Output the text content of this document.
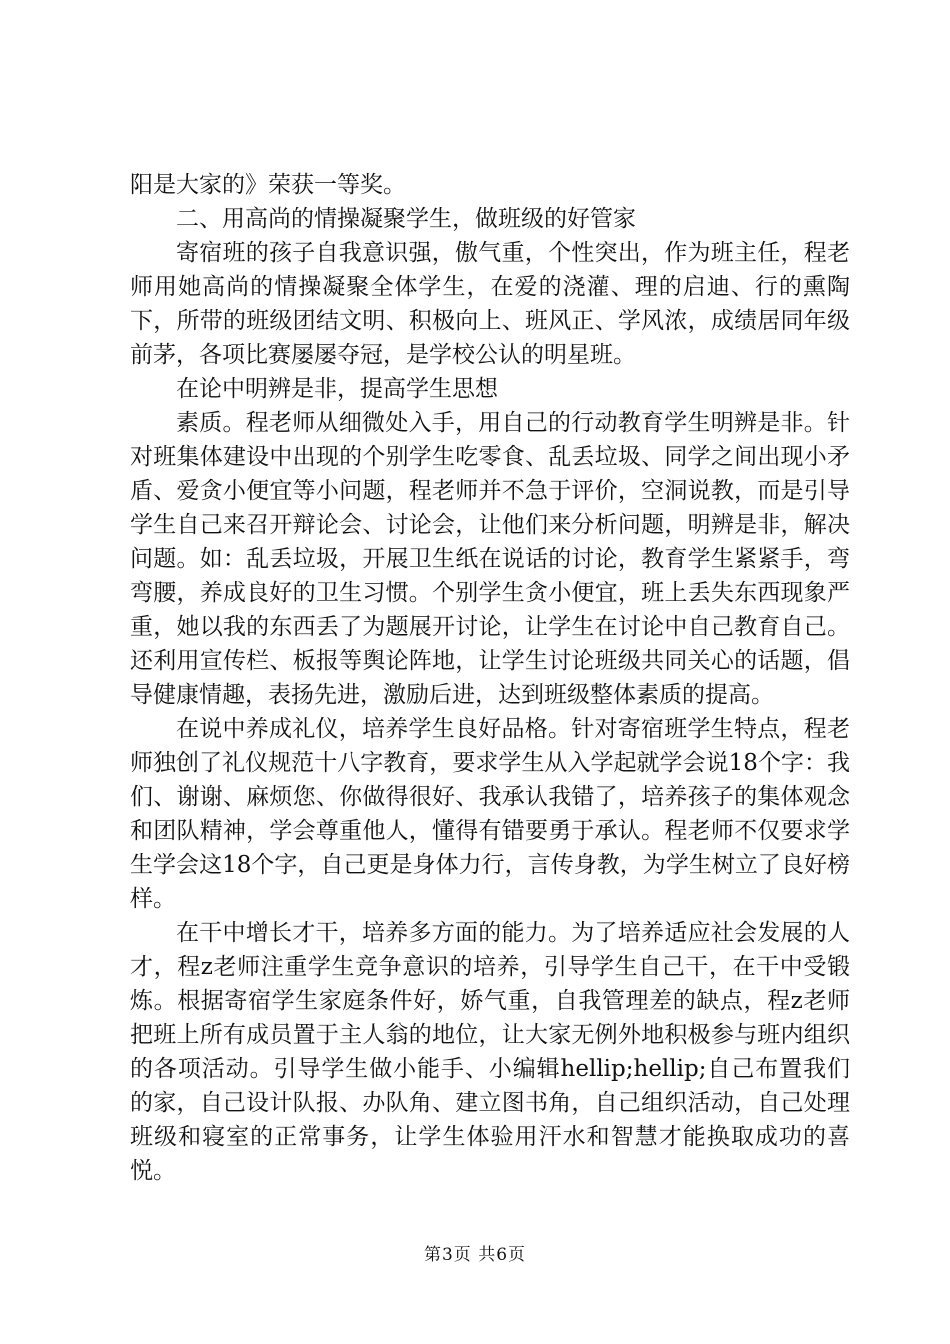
阳是大家的》荣获一等奖。

二、用高尚的情操凝聚学生，做班级的好管家

寄宿班的孩子自我意识强，傲气重，个性突出，作为班主任，程老师用她高尚的情操凝聚全体学生，在爱的浇灌、理的启迪、行的熏陶下，所带的班级团结文明、积极向上、班风正、学风浓，成绩居同年级前茅，各项比赛屡屡夺冠，是学校公认的明星班。

在论中明辨是非，提高学生思想

素质。程老师从细微处入手，用自己的行动教育学生明辨是非。针对班集体建设中出现的个别学生吃零食、乱丢垃圾、同学之间出现小矛盾、爱贪小便宜等小问题，程老师并不急于评价，空洞说教，而是引导学生自己来召开辩论会、讨论会，让他们来分析问题，明辨是非，解决问题。如：乱丢垃圾，开展卫生纸在说话的讨论，教育学生紧紧手，弯弯腰，养成良好的卫生习惯。个别学生贪小便宜，班上丢失东西现象严重，她以我的东西丢了为题展开讨论，让学生在讨论中自己教育自己。还利用宣传栏、板报等舆论阵地，让学生讨论班级共同关心的话题，倡导健康情趣，表扬先进，激励后进，达到班级整体素质的提高。

在说中养成礼仪，培养学生良好品格。针对寄宿班学生特点，程老师独创了礼仪规范十八字教育，要求学生从入学起就学会说18个字：我们、谢谢、麻烦您、你做得很好、我承认我错了，培养孩子的集体观念和团队精神，学会尊重他人，懂得有错要勇于承认。程老师不仅要求学生学会这18个字，自己更是身体力行，言传身教，为学生树立了良好榜样。

在干中增长才干，培养多方面的能力。为了培养适应社会发展的人才，程z老师注重学生竞争意识的培养，引导学生自己干，在干中受锻炼。根据寄宿学生家庭条件好，娇气重，自我管理差的缺点，程z老师把班上所有成员置于主人翁的地位，让大家无例外地积极参与班内组织的各项活动。引导学生做小能手、小编辑hellip;hellip;自己布置我们的家，自己设计队报、办队角、建立图书角，自己组织活动，自己处理班级和寝室的正常事务，让学生体验用汗水和智慧才能换取成功的喜悦。

第3页 共6页
